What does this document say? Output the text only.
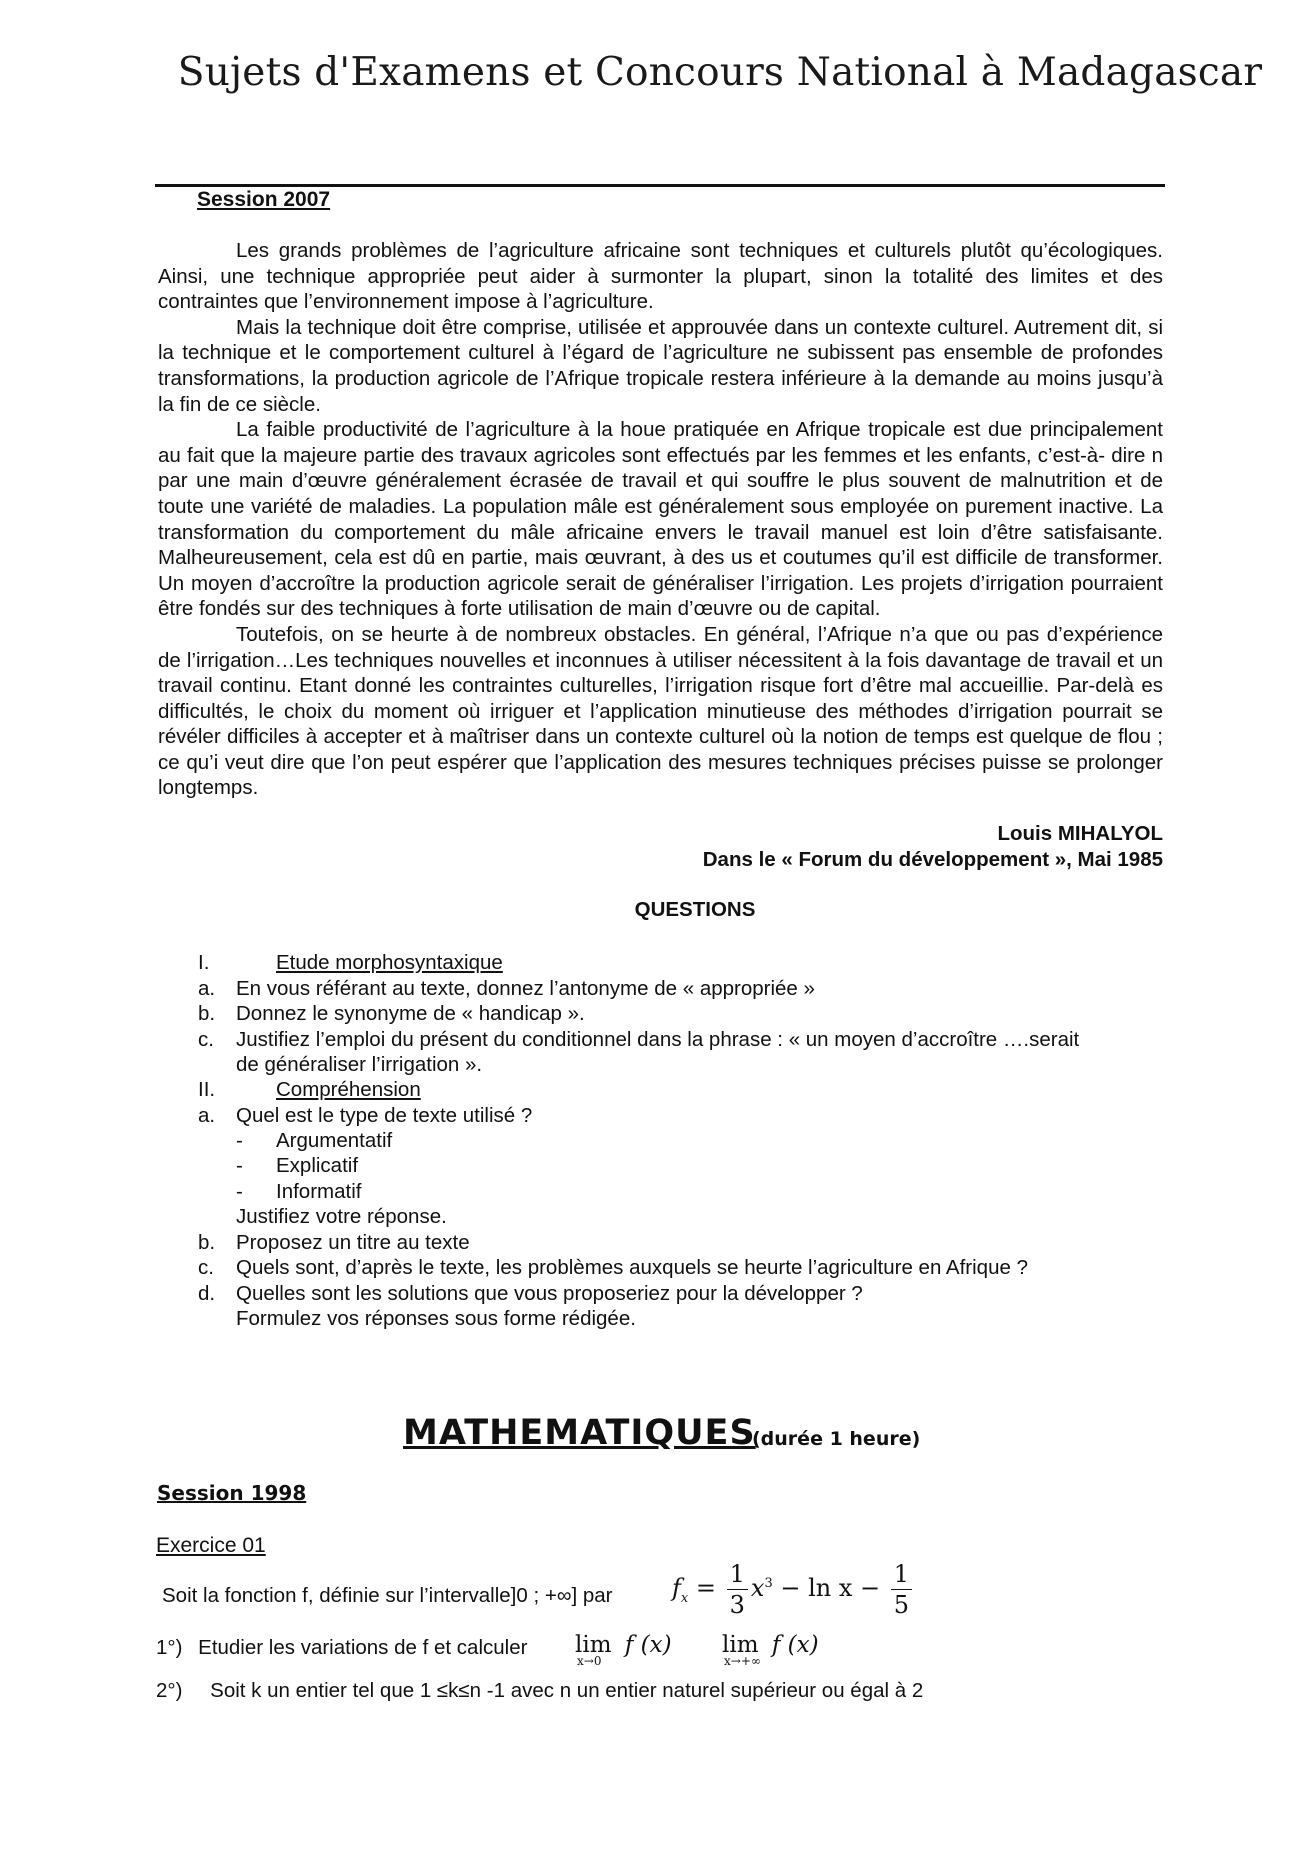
Sujets d'Examens et Concours National à Madagascar
Session 2007

Les grands problèmes de l’agriculture africaine sont techniques et culturels plutôt qu’écologiques. Ainsi, une technique appropriée peut aider à surmonter la plupart, sinon la totalité des limites et des contraintes que l’environnement impose à l’agriculture.

Mais la technique doit être comprise, utilisée et approuvée dans un contexte culturel. Autrement dit, si la technique et le comportement culturel à l’égard de l’agriculture ne subissent pas ensemble de profondes transformations, la production agricole de l’Afrique tropicale restera inférieure à la demande au moins jusqu’à la fin de ce siècle.

La faible productivité de l’agriculture à la houe pratiquée en Afrique tropicale est due principalement au fait que la majeure partie des travaux agricoles sont effectués par les femmes et les enfants, c’est-à- dire n par une main d’œuvre généralement écrasée de travail et qui souffre le plus souvent de malnutrition et de toute une variété de maladies. La population mâle est généralement sous employée on purement inactive. La transformation du comportement du mâle africaine envers le travail manuel est loin d’être satisfaisante. Malheureusement, cela est dû en partie, mais œuvrant, à des us et coutumes qu’il est difficile de transformer. Un moyen d’accroître la production agricole serait de généraliser l’irrigation. Les projets d’irrigation pourraient être fondés sur des techniques à forte utilisation de main d’œuvre ou de capital.

Toutefois, on se heurte à de nombreux obstacles. En général, l’Afrique n’a que ou pas d’expérience de l’irrigation…Les techniques nouvelles et inconnues à utiliser nécessitent à la fois davantage de travail et un travail continu. Etant donné les contraintes culturelles, l’irrigation risque fort d’être mal accueillie. Par-delà es difficultés, le choix du moment où irriguer et l’application minutieuse des méthodes d’irrigation pourrait se révéler difficiles à accepter et à maîtriser dans un contexte culturel où la notion de temps est quelque de flou ; ce qu’i veut dire que l’on peut espérer que l’application des mesures techniques précises puisse se prolonger longtemps.

Louis MIHALYOL
Dans le « Forum du développement », Mai 1985
QUESTIONS
I.	Etude morphosyntaxique
a. En vous référant au texte, donnez l’antonyme de « appropriée »
b. Donnez le synonyme de « handicap ».
c. Justifiez l’emploi du présent du conditionnel dans la phrase : « un moyen d’accroître ….serait
de généraliser l’irrigation ».
II.	Compréhension
a. Quel est le type de texte utilisé ?
- Argumentatif
- Explicatif
- Informatif
Justifiez votre réponse.
b. Proposez un titre au texte
c. Quels sont, d’après le texte, les problèmes auxquels se heurte l’agriculture en Afrique ?
d. Quelles sont les solutions que vous proposeriez pour la développer ?
Formulez vos réponses sous forme rédigée.
MATHEMATIQUES
(durée 1 heure)
Session 1998
Exercice 01
Soit la fonction f, définie sur l’intervalle]0 ; +∞] par $f_x = \frac{1}{3} x^3 - \ln x - \frac{1}{5}$
1°) Etudier les variations de f et calculer lim f (x)
x→0
lim f (x)
x→+∞
2°) Soit k un entier tel que 1 ≤k≤n -1 avec n un entier naturel supérieur ou égal à 2
